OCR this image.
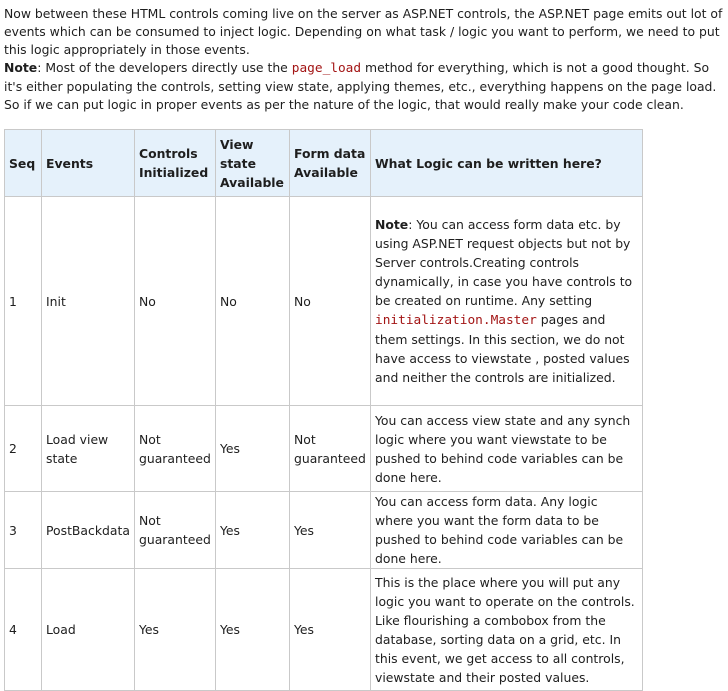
Now between these HTML controls coming live on the server as ASP.NET controls, the ASP.NET page emits out lot of events which can be consumed to inject logic. Depending on what task / logic you want to perform, we need to put this logic appropriately in those events.

Note: Most of the developers directly use the page_load method for everything, which is not a good thought. So it's either populating the controls, setting view state, applying themes, etc., everything happens on the page load. So if we can put logic in proper events as per the nature of the logic, that would really make your code clean.

Seq	Events	Controls Initialized	View state Available	Form data Available	What Logic can be written here?
1	Init	No	No	No	Note: You can access form data etc. by using ASP.NET request objects but not by Server controls.Creating controls dynamically, in case you have controls to be created on runtime. Any setting initialization.Master pages and them settings. In this section, we do not have access to viewstate , posted values and neither the controls are initialized.
2	Load view state	Not guaranteed	Yes	Not guaranteed	You can access view state and any synch logic where you want viewstate to be pushed to behind code variables can be done here.
3	PostBackdata	Not guaranteed	Yes	Yes	You can access form data. Any logic where you want the form data to be pushed to behind code variables can be done here.
4	Load	Yes	Yes	Yes	This is the place where you will put any logic you want to operate on the controls. Like flourishing a combobox from the database, sorting data on a grid, etc. In this event, we get access to all controls, viewstate and their posted values.
